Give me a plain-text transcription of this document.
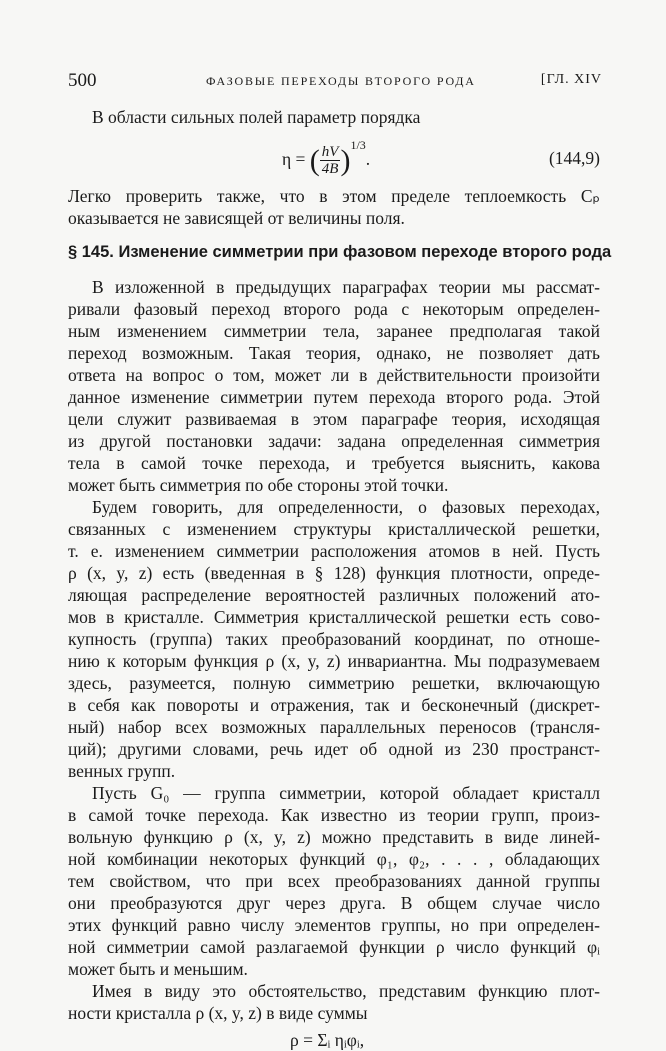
500	ФАЗОВЫЕ ПЕРЕХОДЫ ВТОРОГО РОДА	[ГЛ. XIV
В области сильных полей параметр порядка
η = ( $\frac{hV}{4B} )^{1/3}$.	(144,9)
Легко проверить также, что в этом пределе теплоемкость Cₚ
оказывается не зависящей от величины поля.
§ 145. Изменение симметрии при фазовом переходе второго рода
В изложенной в предыдущих параграфах теории мы рассмат-
ривали фазовый переход второго рода с некоторым определен-
ным изменением симметрии тела, заранее предполагая такой
переход возможным. Такая теория, однако, не позволяет дать
ответа на вопрос о том, может ли в действительности произойти
данное изменение симметрии путем перехода второго рода. Этой
цели служит развиваемая в этом параграфе теория, исходящая
из другой постановки задачи: задана определенная симметрия
тела в самой точке перехода, и требуется выяснить, какова
может быть симметрия по обе стороны этой точки.
Будем говорить, для определенности, о фазовых переходах,
связанных с изменением структуры кристаллической решетки,
т. е. изменением симметрии расположения атомов в ней. Пусть
ρ (x, y, z) есть (введенная в § 128) функция плотности, опреде-
ляющая распределение вероятностей различных положений ато-
мов в кристалле. Симметрия кристаллической решетки есть сово-
купность (группа) таких преобразований координат, по отноше-
нию к которым функция ρ (x, y, z) инвариантна. Мы подразумеваем
здесь, разумеется, полную симметрию решетки, включающую
в себя как повороты и отражения, так и бесконечный (дискрет-
ный) набор всех возможных параллельных переносов (трансля-
ций); другими словами, речь идет об одной из 230 пространст-
венных групп.
Пусть G₀ — группа симметрии, которой обладает кристалл
в самой точке перехода. Как известно из теории групп, произ-
вольную функцию ρ (x, y, z) можно представить в виде линей-
ной комбинации некоторых функций φ₁, φ₂, . . . , обладающих
тем свойством, что при всех преобразованиях данной группы
они преобразуются друг через друга. В общем случае число
этих функций равно числу элементов группы, но при определен-
ной симметрии самой разлагаемой функции ρ число функций φᵢ
может быть и меньшим.
Имея в виду это обстоятельство, представим функцию плот-
ности кристалла ρ (x, y, z) в виде суммы
ρ = Σᵢ ηᵢφᵢ,
